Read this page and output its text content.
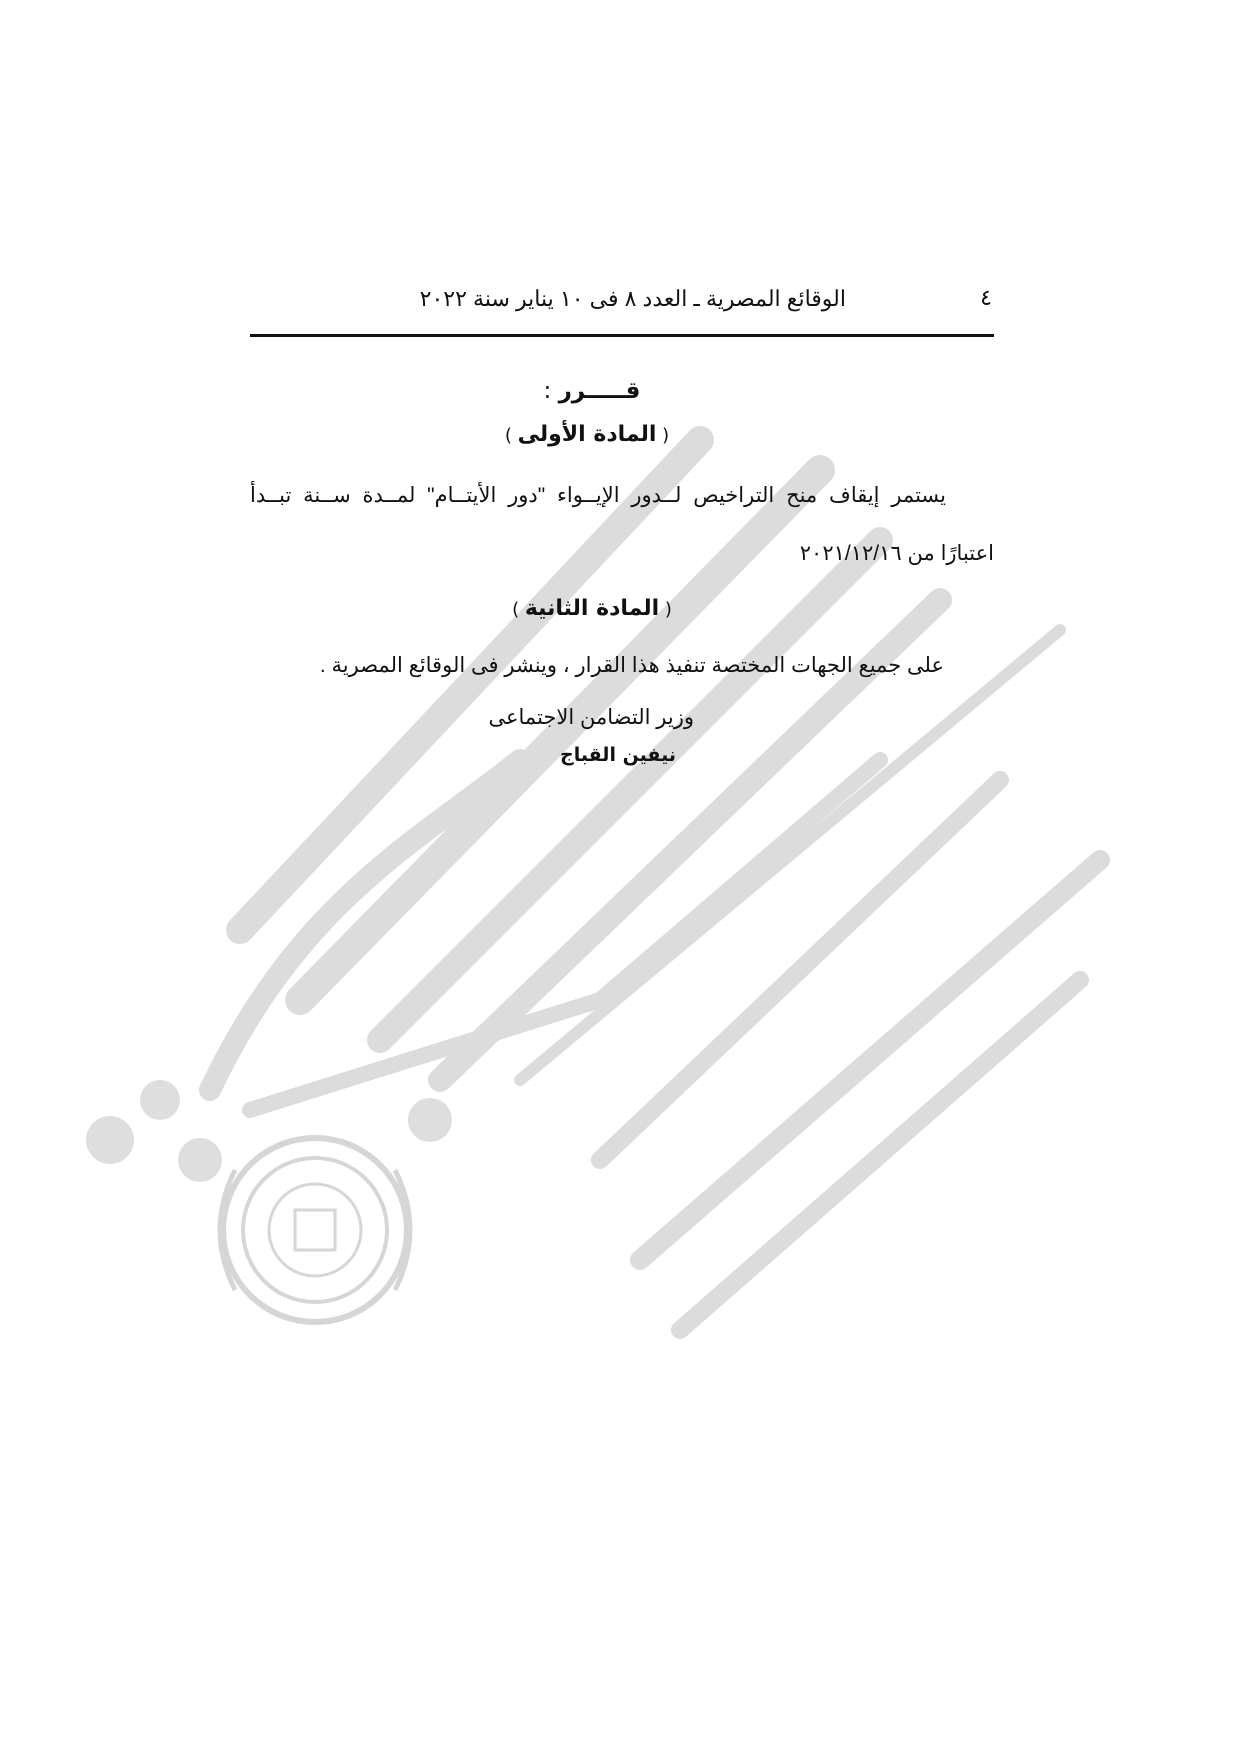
٤
الوقائع المصرية ـ العدد ٨ فى ١٠ يناير سنة ٢٠٢٢
قـــــرر :
( المادة الأولى )

يستمر إيقاف منح التراخيص لــدور الإيــواء "دور الأيتــام" لمــدة ســنة تبــدأ

اعتبارًا من ٢٠٢١/١٢/١٦

( المادة الثانية )

على جميع الجهات المختصة تنفيذ هذا القرار ، وينشر فى الوقائع المصرية .

وزير التضامن الاجتماعى
نيفين القباج
